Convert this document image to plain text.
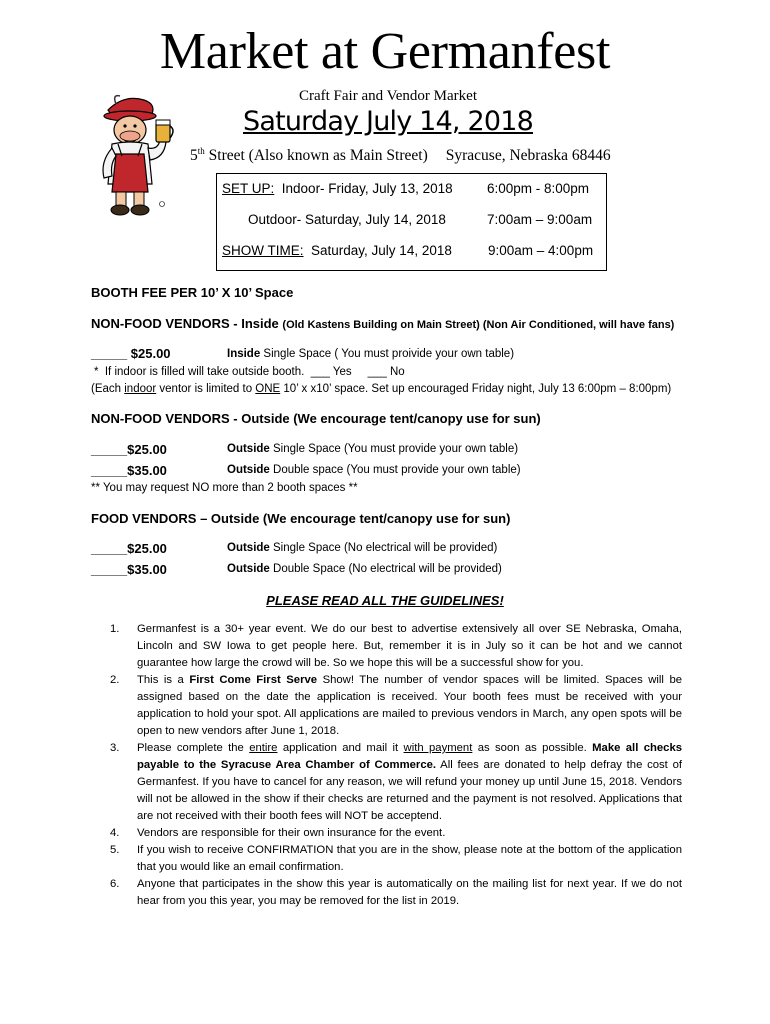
Market at Germanfest
Craft Fair and Vendor Market
Saturday July 14, 2018
5th Street (Also known as Main Street) Syracuse, Nebraska 68446
SET UP:  Indoor- Friday, July 13, 2018	6:00pm - 8:00pm
Outdoor- Saturday, July 14, 2018	7:00am – 9:00am
SHOW TIME:  Saturday, July 14, 2018	9:00am – 4:00pm
BOOTH FEE PER 10’ X 10’ Space
NON-FOOD VENDORS - Inside (Old Kastens Building on Main Street) (Non Air Conditioned, will have fans)
_____ $25.00	Inside Single Space ( You must proivide your own table)
*  If indoor is filled will take outside booth.  ___ Yes     ___ No
(Each indoor ventor is limited to ONE 10’ x x10’ space. Set up encouraged Friday night, July 13 6:00pm – 8:00pm)
NON-FOOD VENDORS - Outside (We encourage tent/canopy use for sun)
_____$25.00	Outside Single Space (You must provide your own table)
_____$35.00	Outside Double space (You must provide your own table)
** You may request NO more than 2 booth spaces **
FOOD VENDORS – Outside (We encourage tent/canopy use for sun)
_____$25.00	Outside Single Space (No electrical will be provided)
_____$35.00	Outside Double Space (No electrical will be provided)
PLEASE READ ALL THE GUIDELINES!
1. Germanfest is a 30+ year event. We do our best to advertise extensively all over SE Nebraska, Omaha, Lincoln and SW Iowa to get people here. But, remember it is in July so it can be hot and we cannot guarantee how large the crowd will be. So we hope this will be a successful show for you.
2. This is a First Come First Serve Show! The number of vendor spaces will be limited. Spaces will be assigned based on the date the application is received. Your booth fees must be received with your application to hold your spot. All applications are mailed to previous vendors in March, any open spots will be open to new vendors after June 1, 2018.
3. Please complete the entire application and mail it with payment as soon as possible. Make all checks payable to the Syracuse Area Chamber of Commerce. All fees are donated to help defray the cost of Germanfest. If you have to cancel for any reason, we will refund your money up until June 15, 2018. Vendors will not be allowed in the show if their checks are returned and the payment is not resolved. Applications that are not received with their booth fees will NOT be acceptend.
4. Vendors are responsible for their own insurance for the event.
5. If you wish to receive CONFIRMATION that you are in the show, please note at the bottom of the application that you would like an email confirmation.
6. Anyone that participates in the show this year is automatically on the mailing list for next year. If we do not hear from you this year, you may be removed for the list in 2019.
